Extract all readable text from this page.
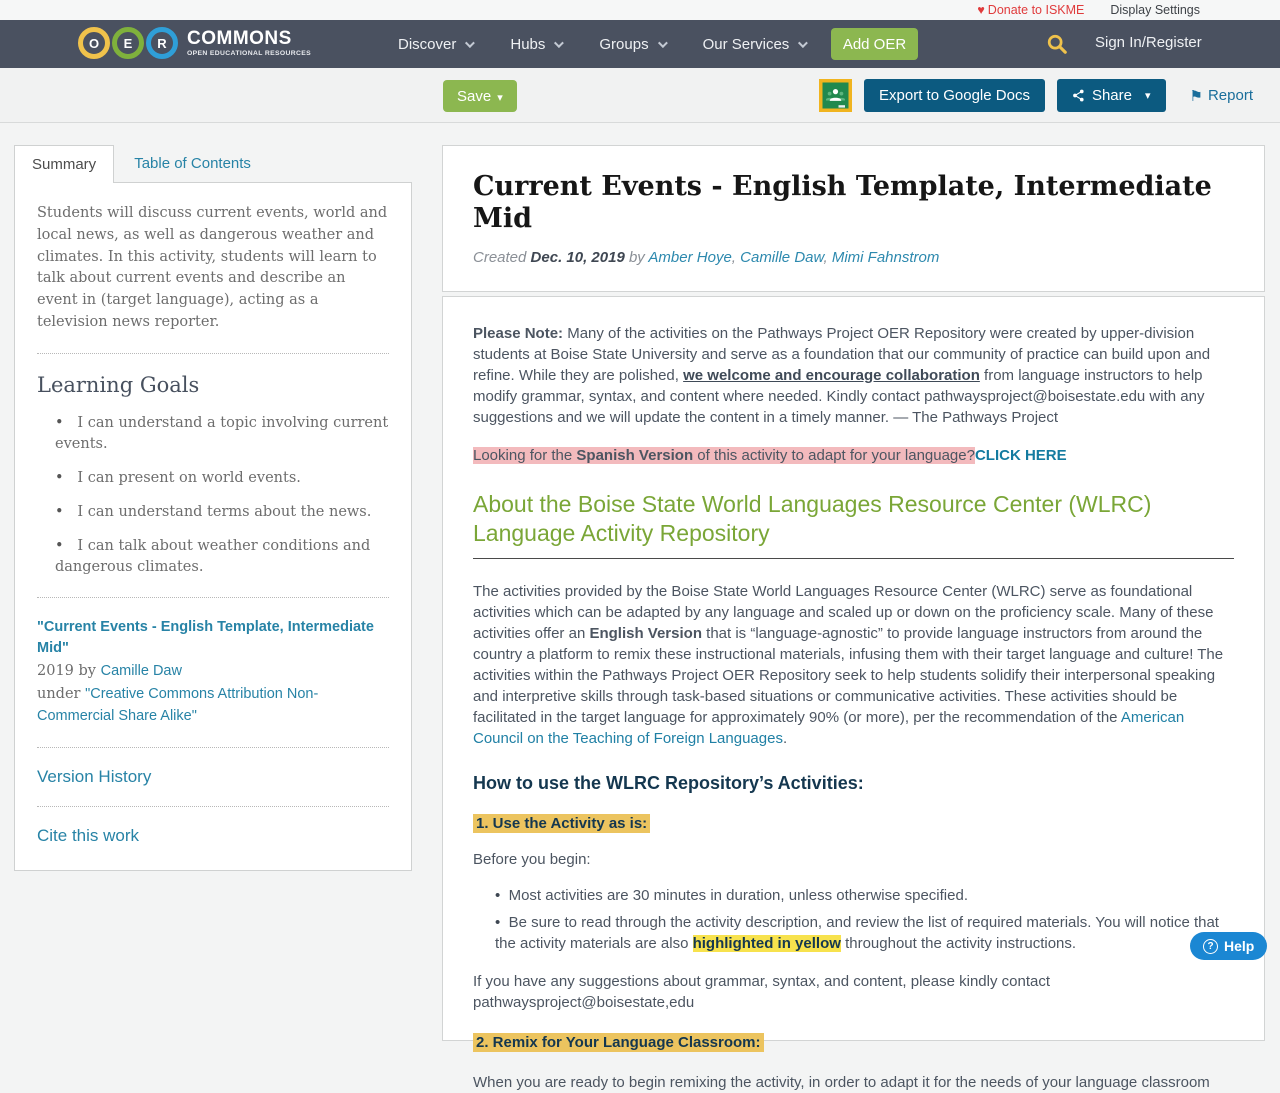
♥ Donate to ISKME Display Settings
O	E	R	COMMONS
OPEN EDUCATIONAL RESOURCES
Discover	Hubs	Groups	Our Services	Add OER	Sign In/Register
Save ▾	Export to Google Docs	Share ▾	⚑ Report
Summary	Table of Contents

Students will discuss current events, world and local news, as well as dangerous weather and climates. In this activity, students will learn to talk about current events and describe an event in (target language), acting as a television news reporter.

Learning Goals
•   I can understand a topic involving current events.
•   I can present on world events.
•   I can understand terms about the news.
•   I can talk about weather conditions and dangerous climates.
"Current Events - English Template, Intermediate Mid"
2019 by Camille Daw
under "Creative Commons Attribution Non-Commercial Share Alike"
Version History
Cite this work
Current Events - English Template, Intermediate Mid
Created Dec. 10, 2019 by Amber Hoye, Camille Daw, Mimi Fahnstrom

Please Note: Many of the activities on the Pathways Project OER Repository were created by upper-division students at Boise State University and serve as a foundation that our community of practice can build upon and refine. While they are polished, we welcome and encourage collaboration from language instructors to help modify grammar, syntax, and content where needed. Kindly contact pathwaysproject@boisestate.edu with any suggestions and we will update the content in a timely manner. — The Pathways Project

Looking for the Spanish Version of this activity to adapt for your language?CLICK HERE

About the Boise State World Languages Resource Center (WLRC) Language Activity Repository

The activities provided by the Boise State World Languages Resource Center (WLRC) serve as foundational activities which can be adapted by any language and scaled up or down on the proficiency scale. Many of these activities offer an English Version that is “language-agnostic” to provide language instructors from around the country a platform to remix these instructional materials, infusing them with their target language and culture! The activities within the Pathways Project OER Repository seek to help students solidify their interpersonal speaking and interpretive skills through task-based situations or communicative activities. These activities should be facilitated in the target language for approximately 90% (or more), per the recommendation of the American Council on the Teaching of Foreign Languages.

How to use the WLRC Repository’s Activities:
1. Use the Activity as is:

Before you begin:

•  Most activities are 30 minutes in duration, unless otherwise specified.
•  Be sure to read through the activity description, and review the list of required materials. You will notice that the activity materials are also highlighted in yellow throughout the activity instructions.

If you have any suggestions about grammar, syntax, and content, please kindly contact pathwaysproject@boisestate,edu

2. Remix for Your Language Classroom:

When you are ready to begin remixing the activity, in order to adapt it for the needs of your language classroom

? Help
